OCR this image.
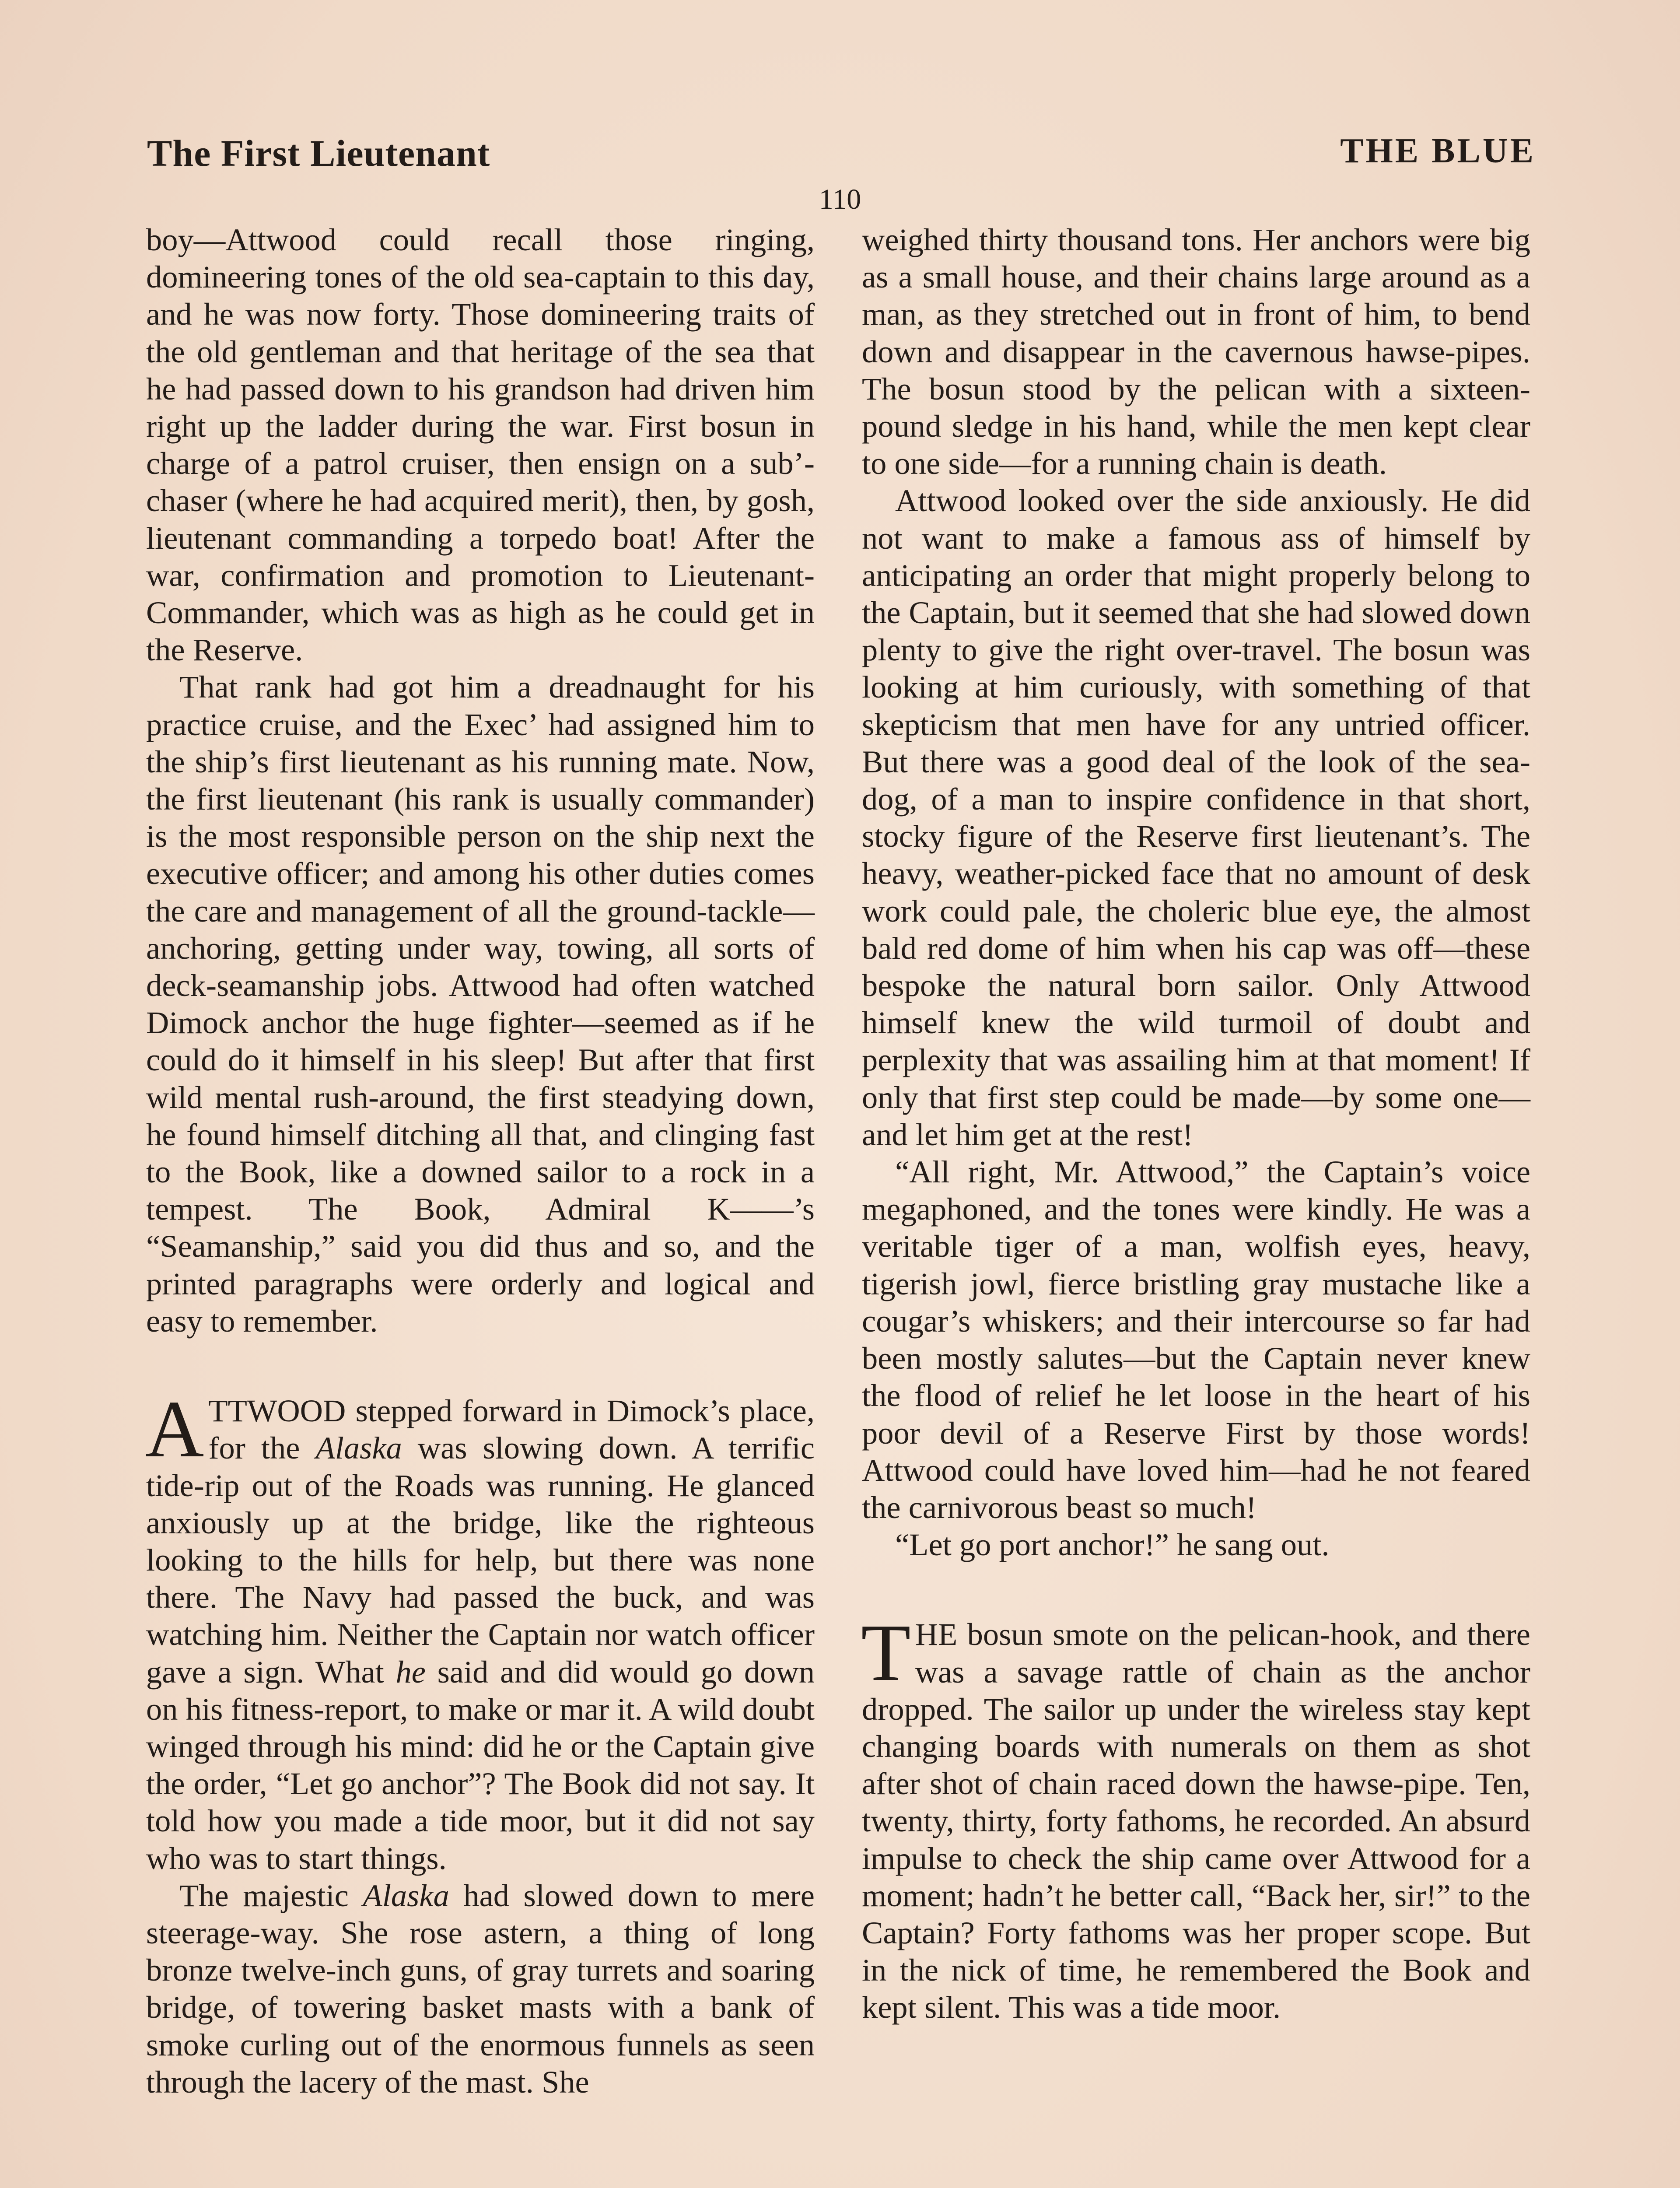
The First Lieutenant	THE BLUE
110

boy—Attwood could recall those ringing, domineering tones of the old sea-captain to this day, and he was now forty. Those domineering traits of the old gentleman and that heritage of the sea that he had passed down to his grandson had driven him right up the ladder during the war. First bosun in charge of a patrol cruiser, then ensign on a sub’-chaser (where he had acquired merit), then, by gosh, lieutenant commanding a torpedo boat! After the war, confirmation and promotion to Lieutenant-Commander, which was as high as he could get in the Reserve.

That rank had got him a dreadnaught for his practice cruise, and the Exec’ had assigned him to the ship’s first lieutenant as his running mate. Now, the first lieutenant (his rank is usually commander) is the most responsible person on the ship next the executive officer; and among his other duties comes the care and management of all the ground-tackle—anchoring, getting under way, towing, all sorts of deck-seamanship jobs. Attwood had often watched Dimock anchor the huge fighter—seemed as if he could do it himself in his sleep! But after that first wild mental rush-around, the first steadying down, he found himself ditching all that, and clinging fast to the Book, like a downed sailor to a rock in a tempest. The Book, Admiral K——’s “Seamanship,” said you did thus and so, and the printed paragraphs were orderly and logical and easy to remember.

ATTWOOD stepped forward in Dimock’s place, for the Alaska was slowing down. A terrific tide-rip out of the Roads was running. He glanced anxiously up at the bridge, like the righteous looking to the hills for help, but there was none there. The Navy had passed the buck, and was watching him. Neither the Captain nor watch officer gave a sign. What he said and did would go down on his fitness-report, to make or mar it. A wild doubt winged through his mind: did he or the Captain give the order, “Let go anchor”? The Book did not say. It told how you made a tide moor, but it did not say who was to start things.

The majestic Alaska had slowed down to mere steerage-way. She rose astern, a thing of long bronze twelve-inch guns, of gray turrets and soaring bridge, of towering basket masts with a bank of smoke curling out of the enormous funnels as seen through the lacery of the mast. She

weighed thirty thousand tons. Her anchors were big as a small house, and their chains large around as a man, as they stretched out in front of him, to bend down and disappear in the cavernous hawse-pipes. The bosun stood by the pelican with a sixteen-pound sledge in his hand, while the men kept clear to one side—for a running chain is death.

Attwood looked over the side anxiously. He did not want to make a famous ass of himself by anticipating an order that might properly belong to the Captain, but it seemed that she had slowed down plenty to give the right over-travel. The bosun was looking at him curiously, with something of that skepticism that men have for any untried officer. But there was a good deal of the look of the sea-dog, of a man to inspire confidence in that short, stocky figure of the Reserve first lieutenant’s. The heavy, weather-picked face that no amount of desk work could pale, the choleric blue eye, the almost bald red dome of him when his cap was off—these bespoke the natural born sailor. Only Attwood himself knew the wild turmoil of doubt and perplexity that was assailing him at that moment! If only that first step could be made—by some one—and let him get at the rest!

“All right, Mr. Attwood,” the Captain’s voice megaphoned, and the tones were kindly. He was a veritable tiger of a man, wolfish eyes, heavy, tigerish jowl, fierce bristling gray mustache like a cougar’s whiskers; and their intercourse so far had been mostly salutes—but the Captain never knew the flood of relief he let loose in the heart of his poor devil of a Reserve First by those words! Attwood could have loved him—had he not feared the carnivorous beast so much!

“Let go port anchor!” he sang out.

THE bosun smote on the pelican-hook, and there was a savage rattle of chain as the anchor dropped. The sailor up under the wireless stay kept changing boards with numerals on them as shot after shot of chain raced down the hawse-pipe. Ten, twenty, thirty, forty fathoms, he recorded. An absurd impulse to check the ship came over Attwood for a moment; hadn’t he better call, “Back her, sir!” to the Captain? Forty fathoms was her proper scope. But in the nick of time, he remembered the Book and kept silent. This was a tide moor.
